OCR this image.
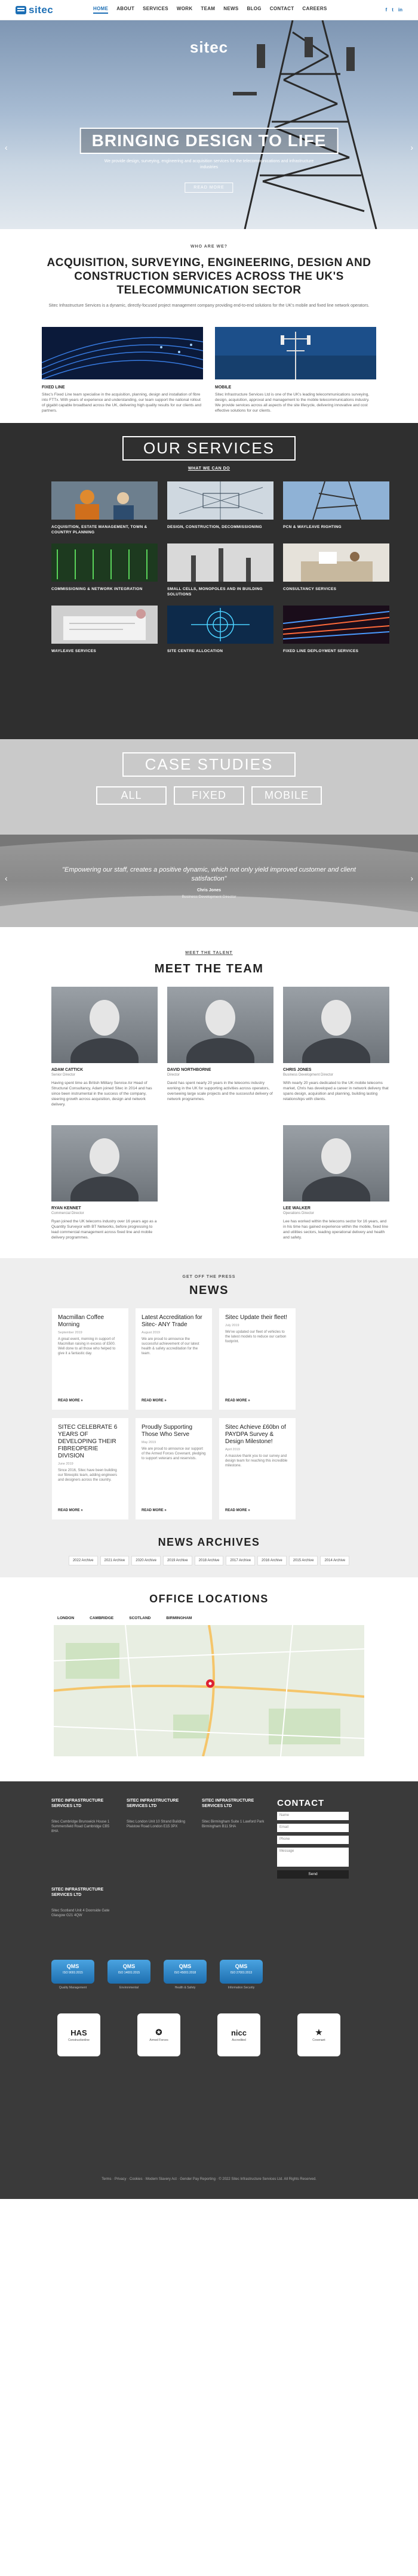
sitec	HOME ABOUT SERVICES WORK TEAM NEWS BLOG CONTACT CAREERS	f t in
sitec
BRINGING DESIGN TO LIFE
We provide design, surveying, engineering and acquisition services for the telecommunications and infrastructure industries
READ MORE
‹	›
WHO ARE WE?
ACQUISITION, SURVEYING, ENGINEERING, DESIGN AND CONSTRUCTION SERVICES ACROSS THE UK'S TELECOMMUNICATION SECTOR

Sitec Infrastructure Services is a dynamic, directly-focused project management company providing end-to-end solutions for the UK's mobile and fixed line network operators.

FIXED LINE

Sitec's Fixed Line team specialise in the acquisition, planning, design and installation of fibre into FTTx. With years of experience and understanding, our team support the national rollout of gigabit capable broadband across the UK, delivering high quality results for our clients and partners.

MOBILE

Sitec Infrastructure Services Ltd is one of the UK's leading telecommunications surveying, design, acquisition, approval and management to the mobile telecommunications industry. We provide services across all aspects of the site lifecycle, delivering innovative and cost effective solutions for our clients.

OUR SERVICES
WHAT WE CAN DO
ACQUISITION, ESTATE MANAGEMENT, TOWN & COUNTRY PLANNING
DESIGN, CONSTRUCTION, DECOMMISSIONING	PCN & WAYLEAVE RIGHTING
COMMISSIONING & NETWORK INTEGRATION	SMALL CELLS, MONOPOLES AND IN BUILDING SOLUTIONS
CONSULTANCY SERVICES
WAYLEAVE SERVICES	SITE CENTRE ALLOCATION	FIXED LINE DEPLOYMENT SERVICES
CASE STUDIES
ALL	FIXED	MOBILE
"Empowering our staff, creates a positive dynamic, which not only yield improved customer and client satisfaction"
Chris Jones
Business Development Director
‹	›
MEET THE TALENT
MEET THE TEAM
ADAM CATTICK
Senior Director

Having spent time as British Military Service Air Head of Structural Consultancy, Adam joined Sitec in 2014 and has since been instrumental in the success of the company, steering growth across acquisition, design and network delivery.

DAVID NORTHBORNE
Director

David has spent nearly 20 years in the telecoms industry working in the UK for supporting activities across operators, overseeing large scale projects and the successful delivery of network programmes.

CHRIS JONES
Business Development Director

With nearly 20 years dedicated to the UK mobile telecoms market, Chris has developed a career in network delivery that spans design, acquisition and planning, building lasting relationships with clients.

RYAN KENNET
Commercial Director

Ryan joined the UK telecoms industry over 16 years ago as a Quantity Surveyor with BT Networks, before progressing to lead commercial management across fixed line and mobile delivery programmes.

LEE WALKER
Operations Director

Lee has worked within the telecoms sector for 16 years, and in his time has gained experience within the mobile, fixed line and utilities sectors, leading operational delivery and health and safety.

GET OFF THE PRESS
NEWS
Macmillan Coffee Morning
September 2019

A great event, morning in support of Macmillan raising in excess of £500. Well done to all those who helped to give it a fantastic day.

READ MORE »
Latest Accreditation for Sitec- ANY Trade
August 2019

We are proud to announce the successful achievement of our latest health & safety accreditation for the team.

READ MORE »
Sitec Update their fleet!
July 2019

We've updated our fleet of vehicles to the latest models to reduce our carbon footprint.

READ MORE »
SITEC CELEBRATE 6 YEARS OF DEVELOPING THEIR FIBREOPERIE DIVISION
June 2019

Since 2016, Sitec have been building our fibreoptic team, adding engineers and designers across the country.

READ MORE »
Proudly Supporting Those Who Serve
May 2019

We are proud to announce our support of the Armed Forces Covenant, pledging to support veterans and reservists.

READ MORE »
Sitec Achieve £60bn of PAYDPA Survey & Design Milestone!
April 2019

A massive thank you to our survey and design team for reaching this incredible milestone.

READ MORE »
NEWS ARCHIVES
2022 Archive	2021 Archive	2020 Archive	2019 Archive	2018 Archive	2017 Archive	2016 Archive	2015 Archive	2014 Archive
OFFICE LOCATIONS
LONDON	CAMBRIDGE	SCOTLAND	BIRMINGHAM
SITEC INFRASTRUCTURE SERVICES LTD

Sitec Cambridge Brunswick House 1 Summersfield Road Cambridge CB5 8HA

SITEC INFRASTRUCTURE SERVICES LTD

Sitec London Unit 10 Strand Building Plaistow Road London E15 3PX

SITEC INFRASTRUCTURE SERVICES LTD

Sitec Birmingham Suite 1 Lawford Park Birmingham B11 5HA

CONTACT
Name
Email
Phone
Message
Send
SITEC INFRASTRUCTURE SERVICES LTD

Sitec Scotland Unit 4 Doonside Gate Glasgow G21 4QW

QMS
ISO 9001:2015
Quality Management
QMS
ISO 14001:2015
Environmental
QMS
ISO 45001:2018
Health & Safety
QMS
ISO 27001:2013
Information Security
HAS
Constructionline
✪
Armed Forces
nicc
Accredited
★
Covenant
Terms · Privacy · Cookies · Modern Slavery Act · Gender Pay Reporting · © 2022 Sitec Infrastructure Services Ltd. All Rights Reserved.
